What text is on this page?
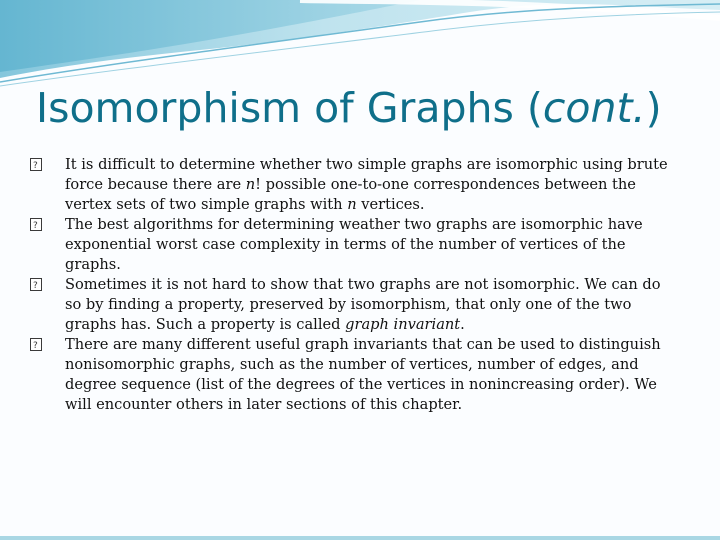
Isomorphism of Graphs (cont.)

?
It is difficult to determine whether two simple graphs are isomorphic using brute force because there are n! possible one-to-one correspondences between the vertex sets of two simple graphs with n vertices.

?
The best algorithms for determining weather two graphs are isomorphic have exponential worst case complexity in terms of the number of vertices of the graphs.

?
Sometimes it is not hard to show that two graphs are not isomorphic. We can do so by finding a property, preserved by isomorphism, that only one of the two graphs has. Such a property is called graph invariant.

?
There are many different useful graph invariants that can be used to distinguish nonisomorphic graphs, such as the number of vertices, number of edges, and degree sequence (list of the degrees of the vertices in nonincreasing order). We will encounter others in later sections of this chapter.
